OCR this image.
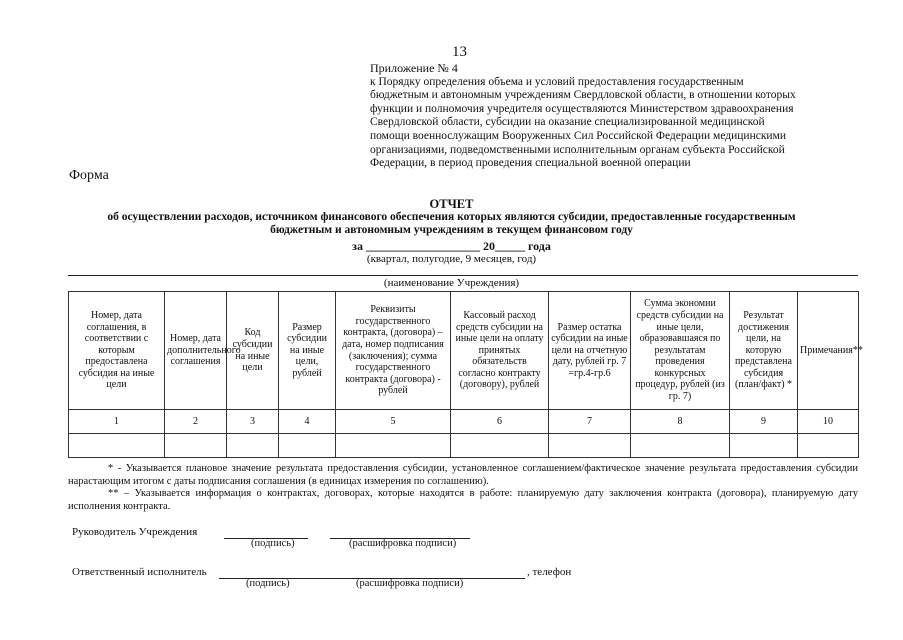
13
Приложение № 4
к Порядку определения объема и условий предоставления государственным
бюджетным и автономным учреждениям Свердловской области, в отношении которых
функции и полномочия учредителя осуществляются Министерством здравоохранения
Свердловской области, субсидии на оказание специализированной медицинской
помощи военнослужащим Вооруженных Сил Российской Федерации медицинскими
организациями, подведомственными исполнительным органам субъекта Российской
Федерации, в период проведения специальной военной операции
Форма
ОТЧЕТ
об осуществлении расходов, источником финансового обеспечения которых являются субсидии, предоставленные государственным
бюджетным и автономным учреждениям в текущем финансовом году
за ___________________ 20_____ года
(квартал, полугодие, 9 месяцев, год)
(наименование Учреждения)
Номер, дата соглашения, в соответствии с которым предоставлена субсидия на иные цели	Номер, дата дополнительного соглашения	Код субсидии на иные цели	Размер субсидии на иные цели, рублей	Реквизиты государственного контракта, (договора) – дата, номер подписания (заключения); сумма государственного контракта (договора) - рублей	Кассовый расход средств субсидии на иные цели на оплату принятых обязательств согласно контракту (договору), рублей	Размер остатка субсидии на иные цели на отчетную дату, рублей гр. 7 =гр.4-гр.6	Сумма экономии средств субсидии на иные цели, образовавшаяся по результатам проведения конкурсных процедур, рублей (из гр. 7)	Результат достижения цели, на которую представлена субсидия (план/факт) *	Примечания**
1	2	3	4	5	6	7	8	9	10

* - Указывается плановое значение результата предоставления субсидии, установленное соглашением/фактическое значение результата предоставления субсидии нарастающим итогом с даты подписания соглашения (в единицах измерения по соглашению).
** – Указывается информация о контрактах, договорах, которые находятся в работе: планируемую дату заключения контракта (договора), планируемую дату исполнения контракта.
Руководитель Учреждения
(подпись)	(расшифровка подписи)
Ответственный исполнитель	, телефон
(подпись)	(расшифровка подписи)
